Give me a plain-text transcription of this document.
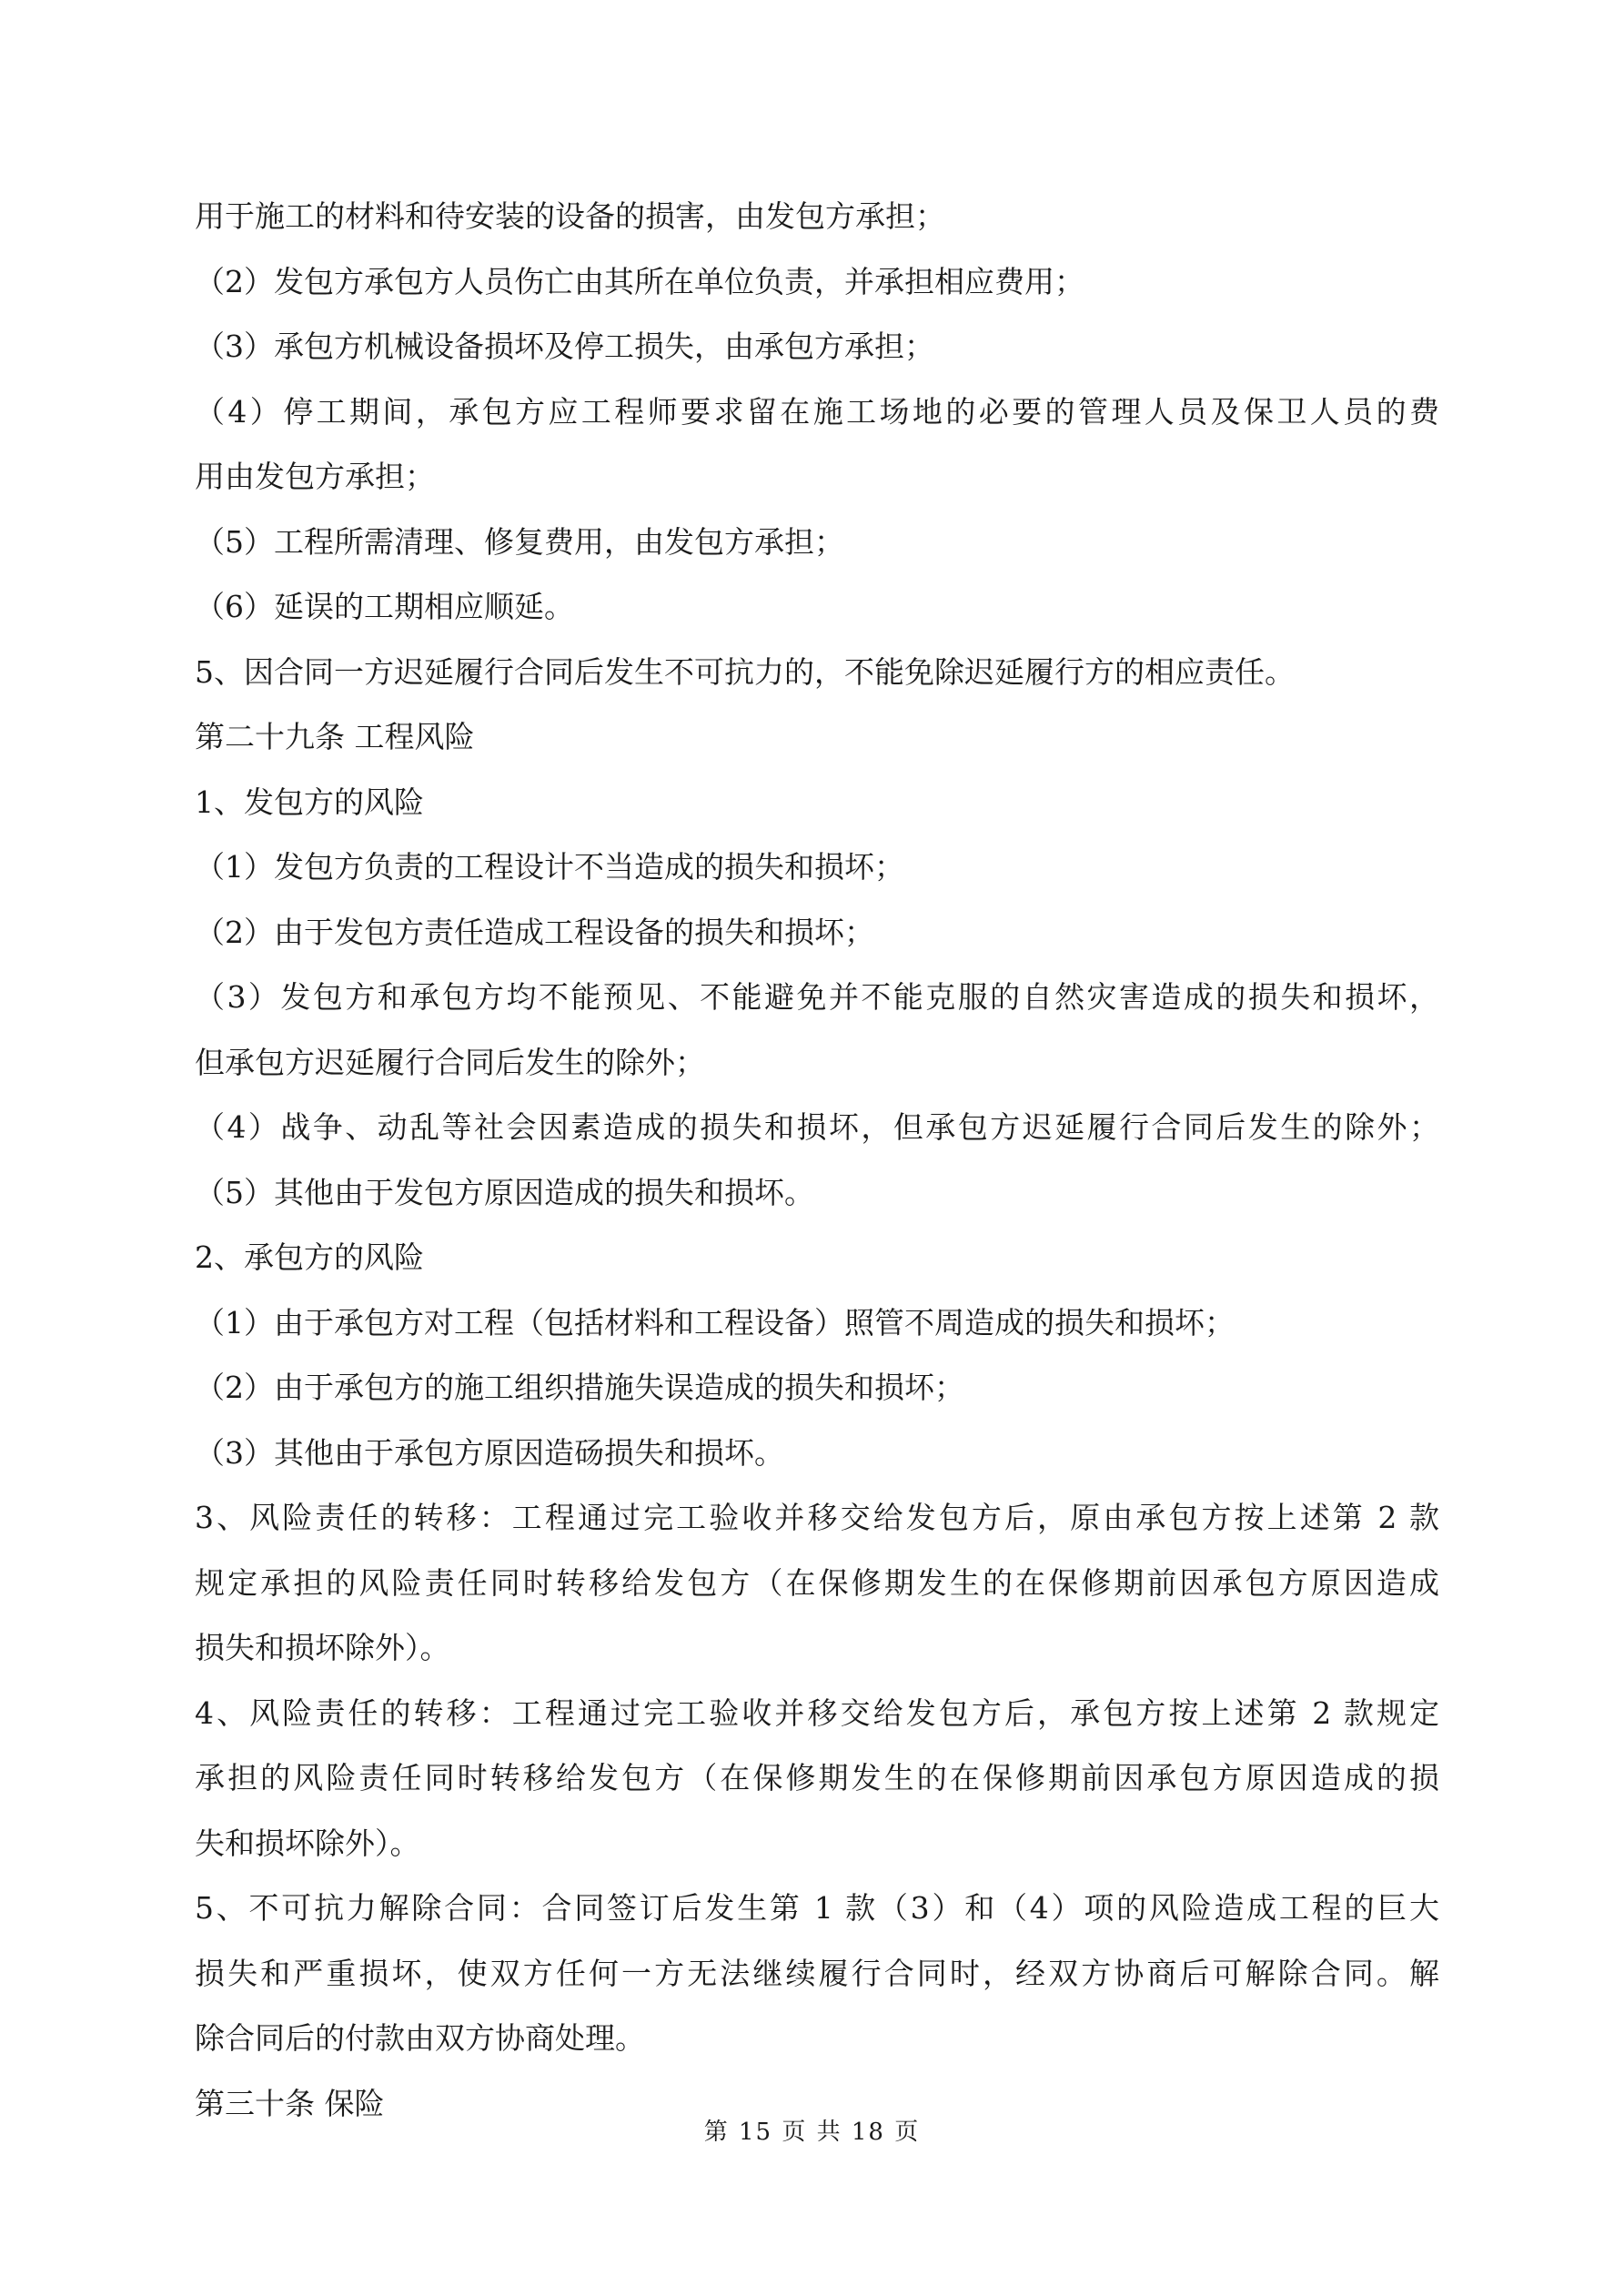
用于施工的材料和待安装的设备的损害，由发包方承担；
（2）发包方承包方人员伤亡由其所在单位负责，并承担相应费用；
（3）承包方机械设备损坏及停工损失，由承包方承担；
（4）停工期间，承包方应工程师要求留在施工场地的必要的管理人员及保卫人员的费
用由发包方承担；
（5）工程所需清理、修复费用，由发包方承担；
（6）延误的工期相应顺延。
5、因合同一方迟延履行合同后发生不可抗力的，不能免除迟延履行方的相应责任。
第二十九条 工程风险
1、发包方的风险
（1）发包方负责的工程设计不当造成的损失和损坏；
（2）由于发包方责任造成工程设备的损失和损坏；
（3）发包方和承包方均不能预见、不能避免并不能克服的自然灾害造成的损失和损坏，
但承包方迟延履行合同后发生的除外；
（4）战争、动乱等社会因素造成的损失和损坏，但承包方迟延履行合同后发生的除外；
（5）其他由于发包方原因造成的损失和损坏。
2、承包方的风险
（1）由于承包方对工程（包括材料和工程设备）照管不周造成的损失和损坏；
（2）由于承包方的施工组织措施失误造成的损失和损坏；
（3）其他由于承包方原因造砀损失和损坏。
3、风险责任的转移：工程通过完工验收并移交给发包方后，原由承包方按上述第 2 款
规定承担的风险责任同时转移给发包方（在保修期发生的在保修期前因承包方原因造成
损失和损坏除外）。
4、风险责任的转移：工程通过完工验收并移交给发包方后，承包方按上述第 2 款规定
承担的风险责任同时转移给发包方（在保修期发生的在保修期前因承包方原因造成的损
失和损坏除外）。
5、不可抗力解除合同：合同签订后发生第 1 款（3）和（4）项的风险造成工程的巨大
损失和严重损坏，使双方任何一方无法继续履行合同时，经双方协商后可解除合同。解
除合同后的付款由双方协商处理。
第三十条 保险
第 15 页 共 18 页
